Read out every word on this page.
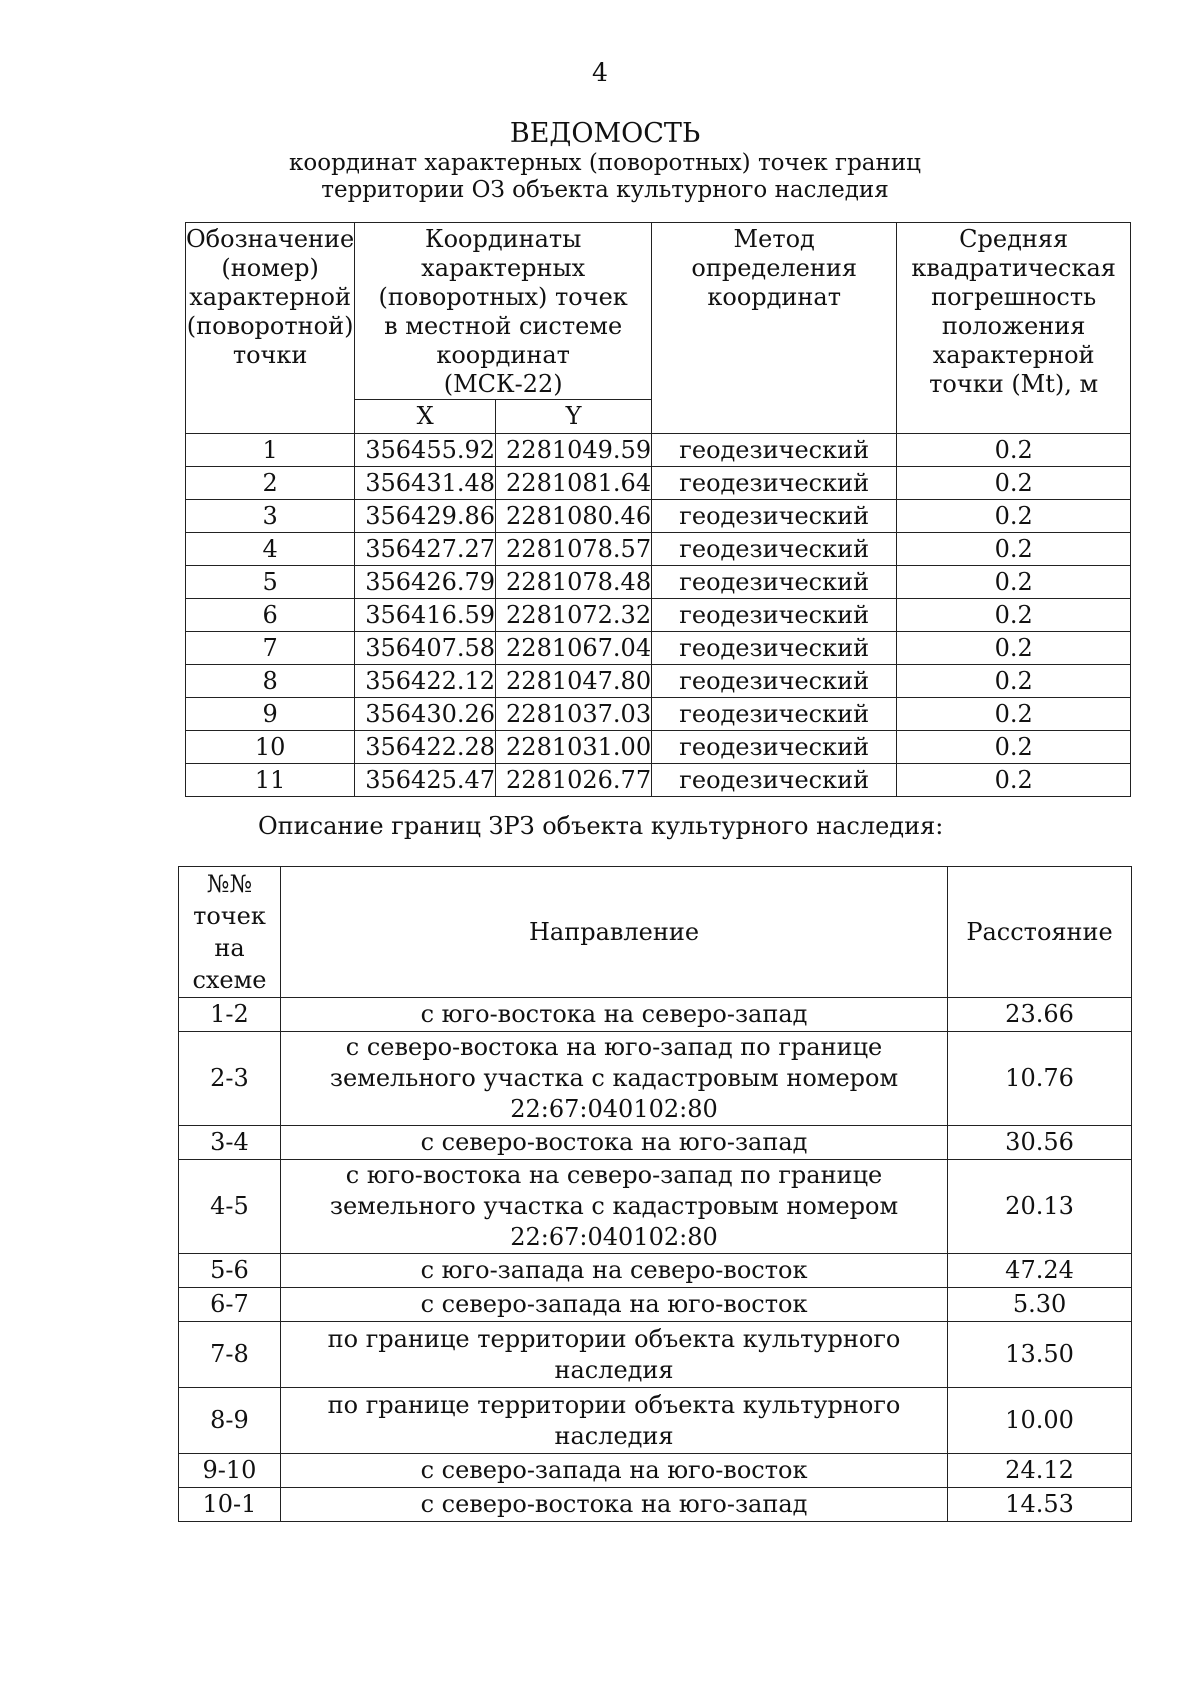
4
ВЕДОМОСТЬ
координат характерных (поворотных) точек границ
территории ОЗ объекта культурного наследия
Обозначение (номер) характерной (поворотной) точки	Координаты характерных (поворотных) точек в местной системе координат (МСК-22)		Метод определения координат	Средняя квадратическая погрешность положения характерной точки (Mt), м
	X	Y		
1	356455.92	2281049.59	геодезический	0.2
2	356431.48	2281081.64	геодезический	0.2
3	356429.86	2281080.46	геодезический	0.2
4	356427.27	2281078.57	геодезический	0.2
5	356426.79	2281078.48	геодезический	0.2
6	356416.59	2281072.32	геодезический	0.2
7	356407.58	2281067.04	геодезический	0.2
8	356422.12	2281047.80	геодезический	0.2
9	356430.26	2281037.03	геодезический	0.2
10	356422.28	2281031.00	геодезический	0.2
11	356425.47	2281026.77	геодезический	0.2
Описание границ ЗРЗ объекта культурного наследия:
№№ точек на схеме	Направление	Расстояние
1-2	с юго-востока на северо-запад	23.66
2-3	с северо-востока на юго-запад по границе земельного участка с кадастровым номером 22:67:040102:80	10.76
3-4	с северо-востока на юго-запад	30.56
4-5	с юго-востока на северо-запад по границе земельного участка с кадастровым номером 22:67:040102:80	20.13
5-6	с юго-запада на северо-восток	47.24
6-7	с северо-запада на юго-восток	5.30
7-8	по границе территории объекта культурного наследия	13.50
8-9	по границе территории объекта культурного наследия	10.00
9-10	с северо-запада на юго-восток	24.12
10-1	с северо-востока на юго-запад	14.53
